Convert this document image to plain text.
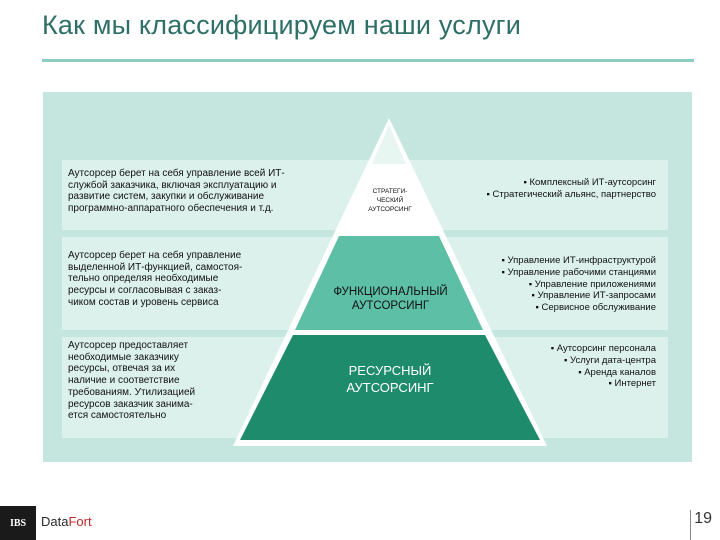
Как мы классифицируем наши услуги
СТРАТЕГИ-
ЧЕСКИЙ
АУТСОРСИНГ
ФУНКЦИОНАЛЬНЫЙ
АУТСОРСИНГ
РЕСУРСНЫЙ
АУТСОРСИНГ
Аутсорсер берет на себя управление всей ИТ-
службой заказчика, включая эксплуатацию и
развитие систем, закупки и обслуживание
программно-аппаратного обеспечения и т.д.
Аутсорсер берет на себя управление
выделенной ИТ-функцией, самостоя-
тельно определяя необходимые
ресурсы и согласовывая с заказ-
чиком состав и уровень сервиса
Аутсорсер предоставляет
необходимые заказчику
ресурсы, отвечая за их
наличие и соответствие
требованиям. Утилизацией
ресурсов заказчик занима-
ется самостоятельно
▪ Комплексный ИТ-аутсорсинг
▪ Стратегический альянс, партнерство
▪ Управление ИТ-инфраструктурой
▪ Управление рабочими станциями
▪ Управление приложениями
▪ Управление ИТ-запросами
▪ Сервисное обслуживание
▪ Аутсорсинг персонала
▪ Услуги дата-центра
▪ Аренда каналов
▪ Интернет
IBS	DataFort	19
